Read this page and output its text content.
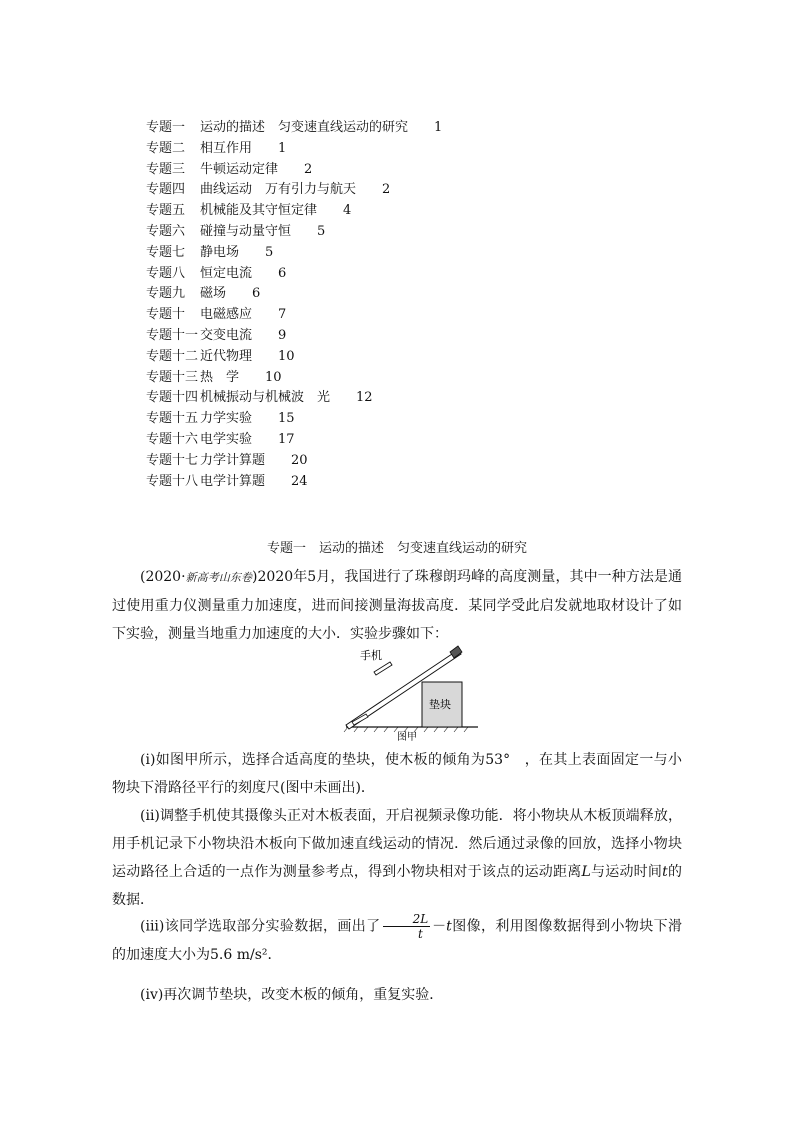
专题一	运动的描述　匀变速直线运动的研究 1
专题二	相互作用 1
专题三	牛顿运动定律 2
专题四	曲线运动　万有引力与航天 2
专题五	机械能及其守恒定律 4
专题六	碰撞与动量守恒 5
专题七	静电场 5
专题八	恒定电流 6
专题九	磁场 6
专题十	电磁感应 7
专题十一 交变电流 9
专题十二 近代物理 10
专题十三 热　学 10
专题十四 机械振动与机械波　光 12
专题十五 力学实验 15
专题十六 电学实验 17
专题十七 力学计算题 20
专题十八 电学计算题 24
专题一　运动的描述　匀变速直线运动的研究
(2020·新高考山东卷)2020年5月，我国进行了珠穆朗玛峰的高度测量，其中一种方法是通过使用重力仪测量重力加速度，进而间接测量海拔高度．某同学受此启发就地取材设计了如下实验，测量当地重力加速度的大小．实验步骤如下：
手机
垫块
图甲
(i)如图甲所示，选择合适高度的垫块，使木板的倾角为53°　，在其上表面固定一与小物块下滑路径平行的刻度尺(图中未画出)．
(ii)调整手机使其摄像头正对木板表面，开启视频录像功能．将小物块从木板顶端释放，用手机记录下小物块沿木板向下做加速直线运动的情况．然后通过录像的回放，选择小物块运动路径上合适的一点作为测量参考点，得到小物块相对于该点的运动距离L与运动时间t的数据．
(iii)该同学选取部分实验数据，画出了 $\frac{2L}{t} -t$图像，利用图像数据得到小物块下滑的加速度大小为5.6 m/s²．
(iv)再次调节垫块，改变木板的倾角，重复实验．
